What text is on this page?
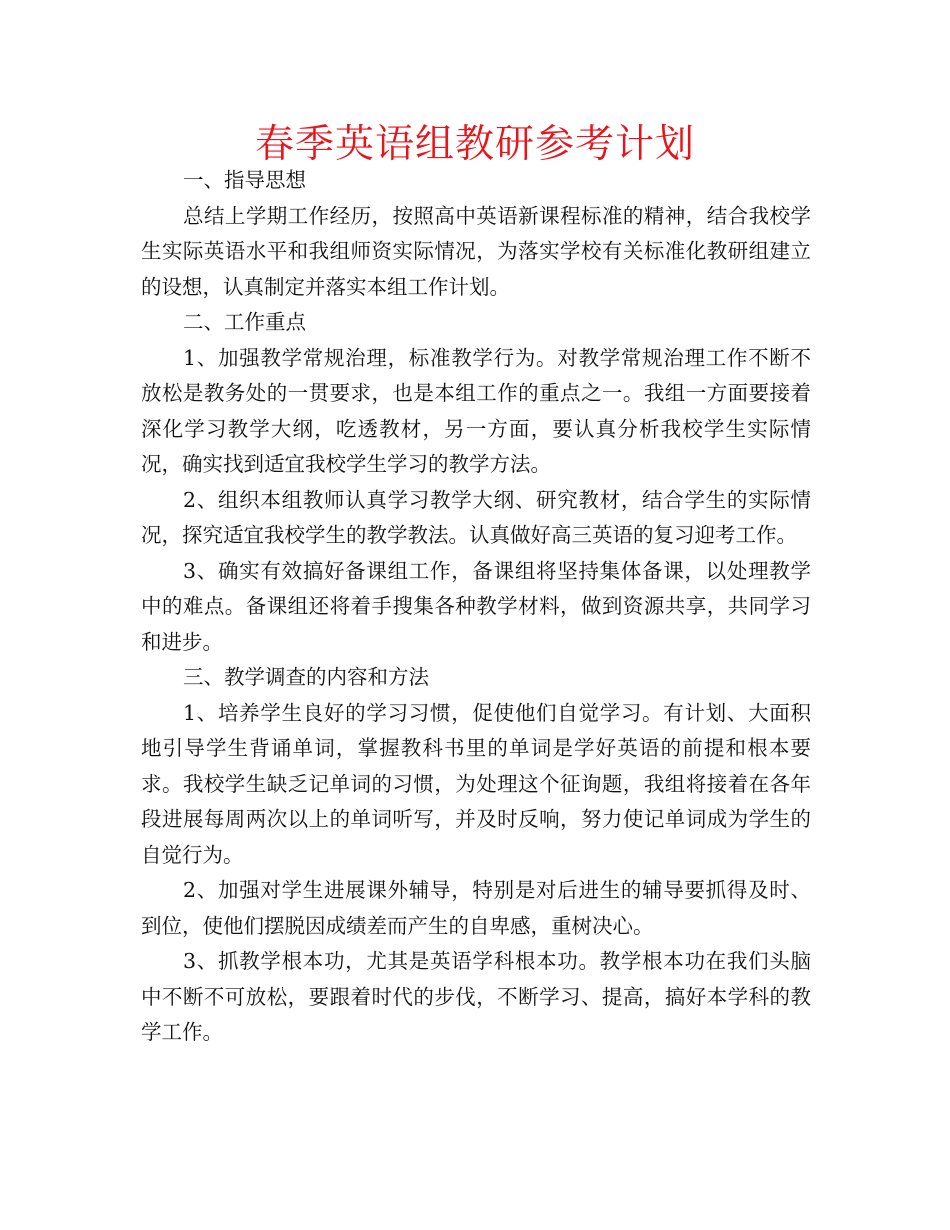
春季英语组教研参考计划

一、指导思想

总结上学期工作经历，按照高中英语新课程标准的精神，结合我校学生实际英语水平和我组师资实际情况，为落实学校有关标准化教研组建立的设想，认真制定并落实本组工作计划。

二、工作重点

1、加强教学常规治理，标准教学行为。对教学常规治理工作不断不放松是教务处的一贯要求，也是本组工作的重点之一。我组一方面要接着深化学习教学大纲，吃透教材，另一方面，要认真分析我校学生实际情况，确实找到适宜我校学生学习的教学方法。

2、组织本组教师认真学习教学大纲、研究教材，结合学生的实际情况，探究适宜我校学生的教学教法。认真做好高三英语的复习迎考工作。

3、确实有效搞好备课组工作，备课组将坚持集体备课，以处理教学中的难点。备课组还将着手搜集各种教学材料，做到资源共享，共同学习和进步。

三、教学调查的内容和方法

1、培养学生良好的学习习惯，促使他们自觉学习。有计划、大面积地引导学生背诵单词，掌握教科书里的单词是学好英语的前提和根本要求。我校学生缺乏记单词的习惯，为处理这个征询题，我组将接着在各年段进展每周两次以上的单词听写，并及时反响，努力使记单词成为学生的自觉行为。

2、加强对学生进展课外辅导，特别是对后进生的辅导要抓得及时、到位，使他们摆脱因成绩差而产生的自卑感，重树决心。

3、抓教学根本功，尤其是英语学科根本功。教学根本功在我们头脑中不断不可放松，要跟着时代的步伐，不断学习、提高，搞好本学科的教学工作。
